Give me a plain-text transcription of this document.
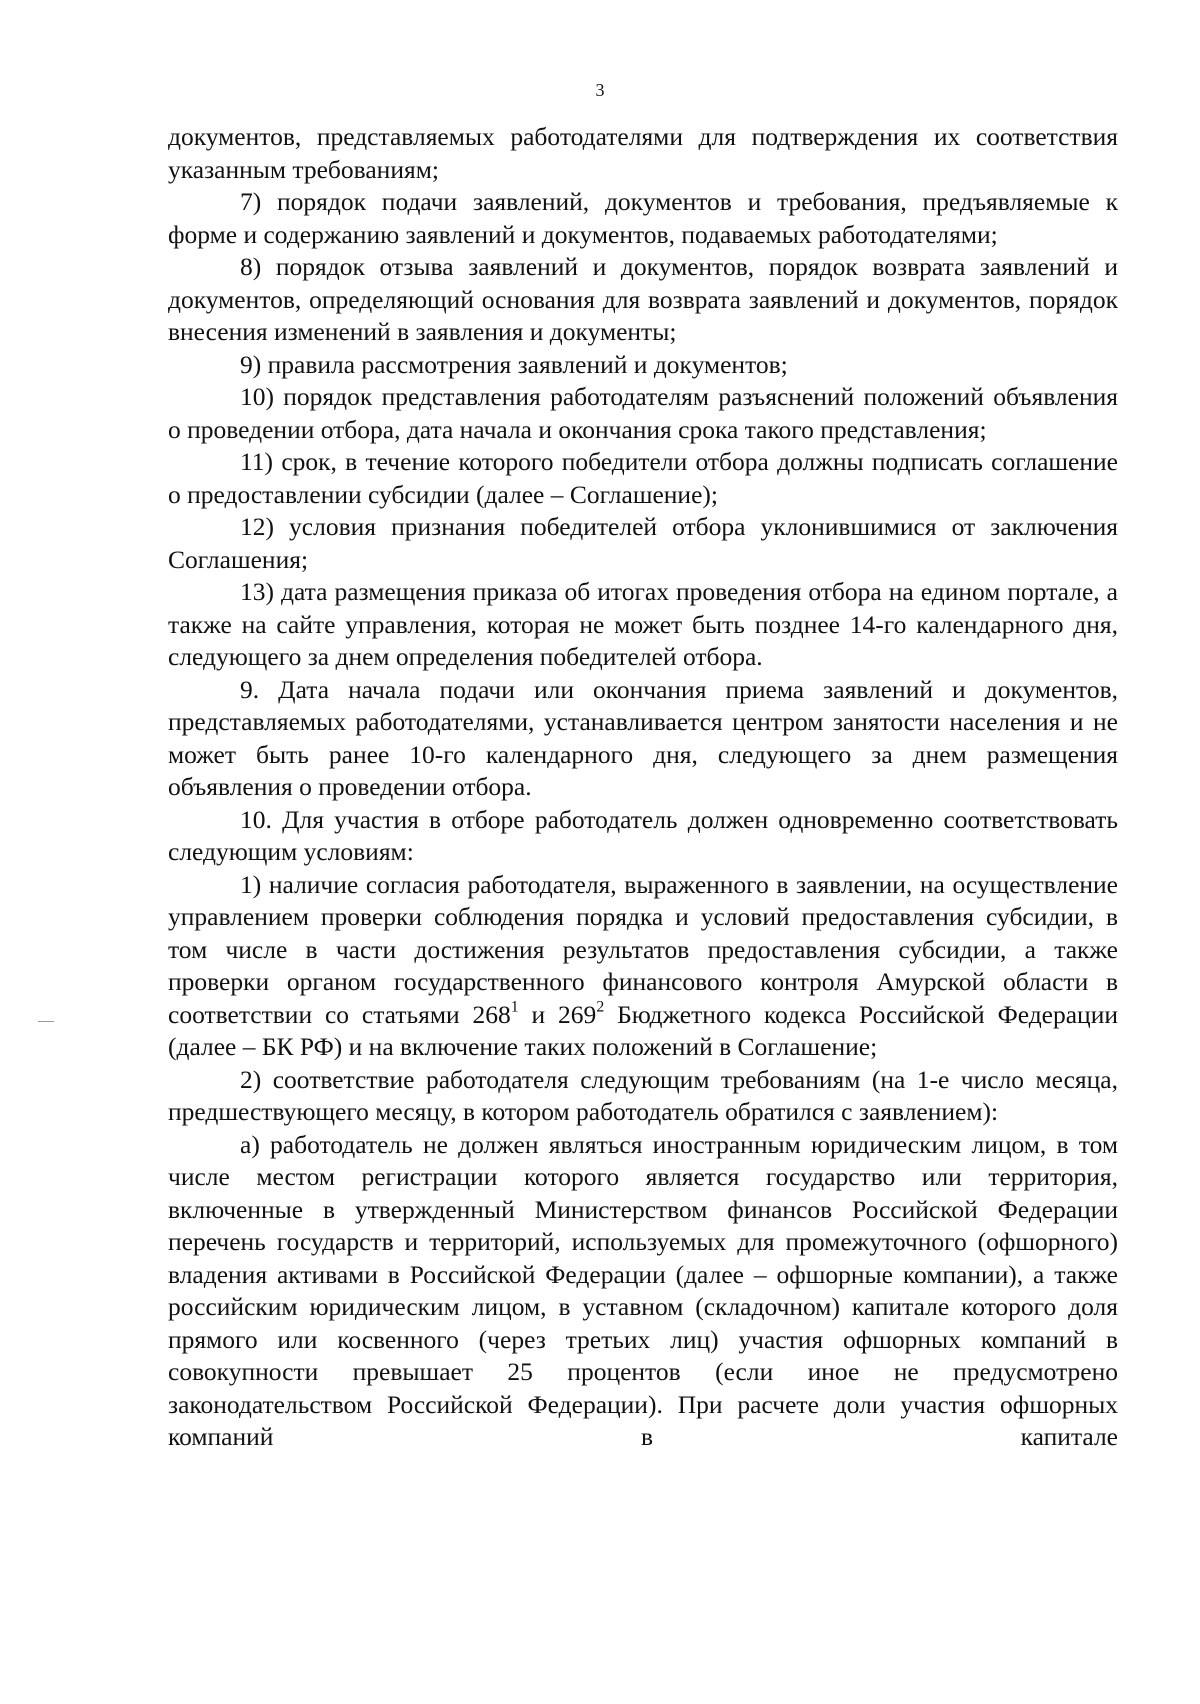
3

документов, представляемых работодателями для подтверждения их соответствия указанным требованиям;

7) порядок подачи заявлений, документов и требования, предъявляемые к форме и содержанию заявлений и документов, подаваемых работодателями;

8) порядок отзыва заявлений и документов, порядок возврата заявлений и документов, определяющий основания для возврата заявлений и документов, порядок внесения изменений в заявления и документы;

9) правила рассмотрения заявлений и документов;

10) порядок представления работодателям разъяснений положений объявления о проведении отбора, дата начала и окончания срока такого представления;

11) срок, в течение которого победители отбора должны подписать соглашение о предоставлении субсидии (далее – Соглашение);

12) условия признания победителей отбора уклонившимися от заключения Соглашения;

13) дата размещения приказа об итогах проведения отбора на едином портале, а также на сайте управления, которая не может быть позднее 14-го календарного дня, следующего за днем определения победителей отбора.

9. Дата начала подачи или окончания приема заявлений и документов, представляемых работодателями, устанавливается центром занятости населения и не может быть ранее 10-го календарного дня, следующего за днем размещения объявления о проведении отбора.

10. Для участия в отборе работодатель должен одновременно соответствовать следующим условиям:

1) наличие согласия работодателя, выраженного в заявлении, на осуществление управлением проверки соблюдения порядка и условий предоставления субсидии, в том числе в части достижения результатов предоставления субсидии, а также проверки органом государственного финансового контроля Амурской области в соответствии со статьями $268^1$ и $269^2$ Бюджетного кодекса Российской Федерации (далее – БК РФ) и на включение таких положений в Соглашение;

2) соответствие работодателя следующим требованиям (на 1-е число месяца, предшествующего месяцу, в котором работодатель обратился с заявлением):

а) работодатель не должен являться иностранным юридическим лицом, в том числе местом регистрации которого является государство или территория, включенные в утвержденный Министерством финансов Российской Федерации перечень государств и территорий, используемых для промежуточного (офшорного) владения активами в Российской Федерации (далее – офшорные компании), а также российским юридическим лицом, в уставном (складочном) капитале которого доля прямого или косвенного (через третьих лиц) участия офшорных компаний в совокупности превышает 25 процентов (если иное не предусмотрено законодательством Российской Федерации). При расчете доли участия офшорных компаний в капитале
